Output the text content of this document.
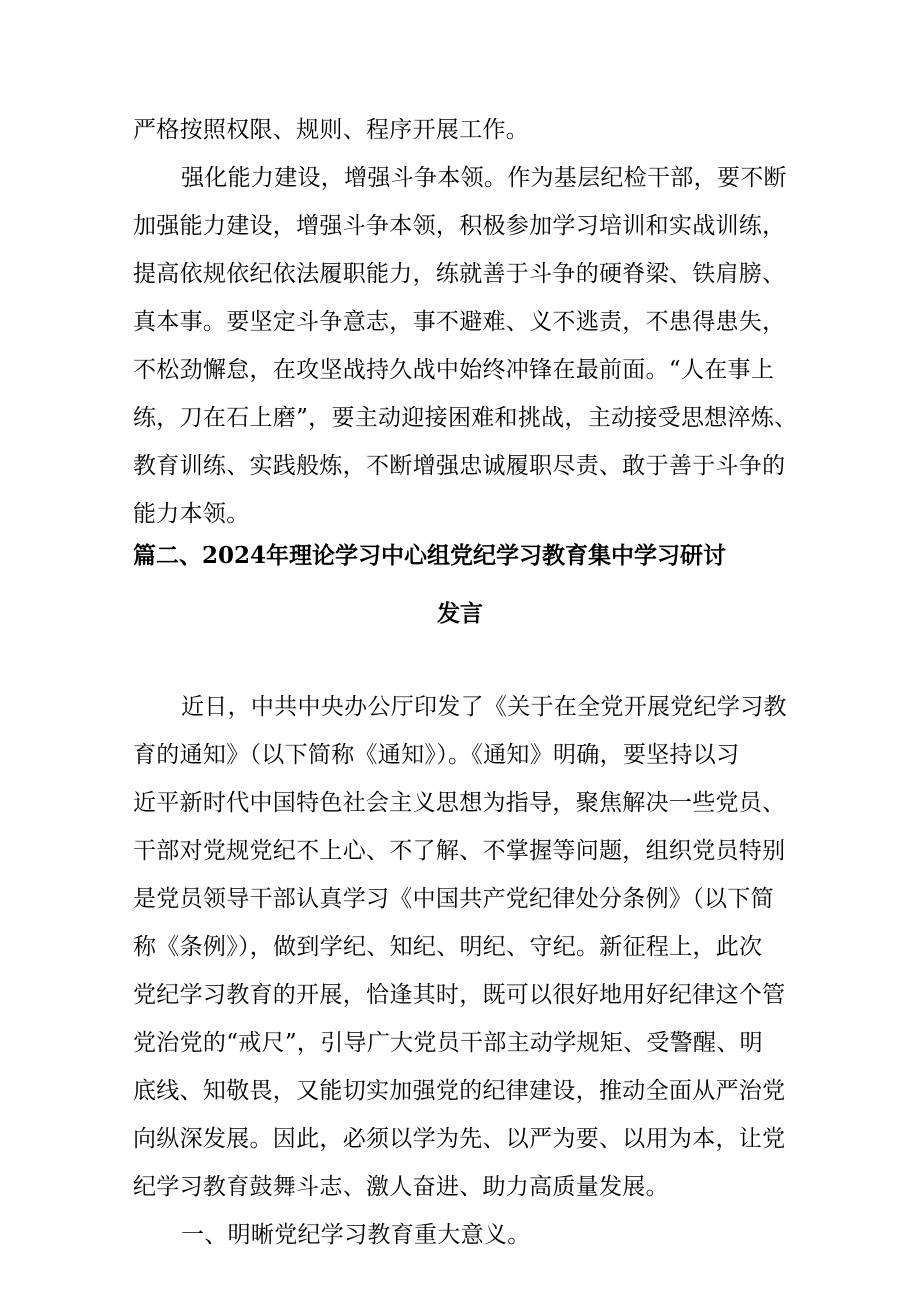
严格按照权限、规则、程序开展工作。
强化能力建设，增强斗争本领。作为基层纪检干部，要不断
加强能力建设，增强斗争本领，积极参加学习培训和实战训练，
提高依规依纪依法履职能力，练就善于斗争的硬脊梁、铁肩膀、
真本事。要坚定斗争意志，事不避难、义不逃责，不患得患失，
不松劲懈怠，在攻坚战持久战中始终冲锋在最前面。“人在事上
练，刀在石上磨”，要主动迎接困难和挑战，主动接受思想淬炼、
教育训练、实践般炼，不断增强忠诚履职尽责、敢于善于斗争的
能力本领。
篇二、2024年理论学习中心组党纪学习教育集中学习研讨
发言
近日，中共中央办公厅印发了《关于在全党开展党纪学习教
育的通知》（以下简称《通知》）。《通知》明确，要坚持以习
近平新时代中国特色社会主义思想为指导，聚焦解决一些党员、
干部对党规党纪不上心、不了解、不掌握等问题，组织党员特别
是党员领导干部认真学习《中国共产党纪律处分条例》（以下简
称《条例》），做到学纪、知纪、明纪、守纪。新征程上，此次
党纪学习教育的开展，恰逢其时，既可以很好地用好纪律这个管
党治党的“戒尺”，引导广大党员干部主动学规矩、受警醒、明
底线、知敬畏，又能切实加强党的纪律建设，推动全面从严治党
向纵深发展。因此，必须以学为先、以严为要、以用为本，让党
纪学习教育鼓舞斗志、激人奋进、助力高质量发展。
一、明晰党纪学习教育重大意义。
